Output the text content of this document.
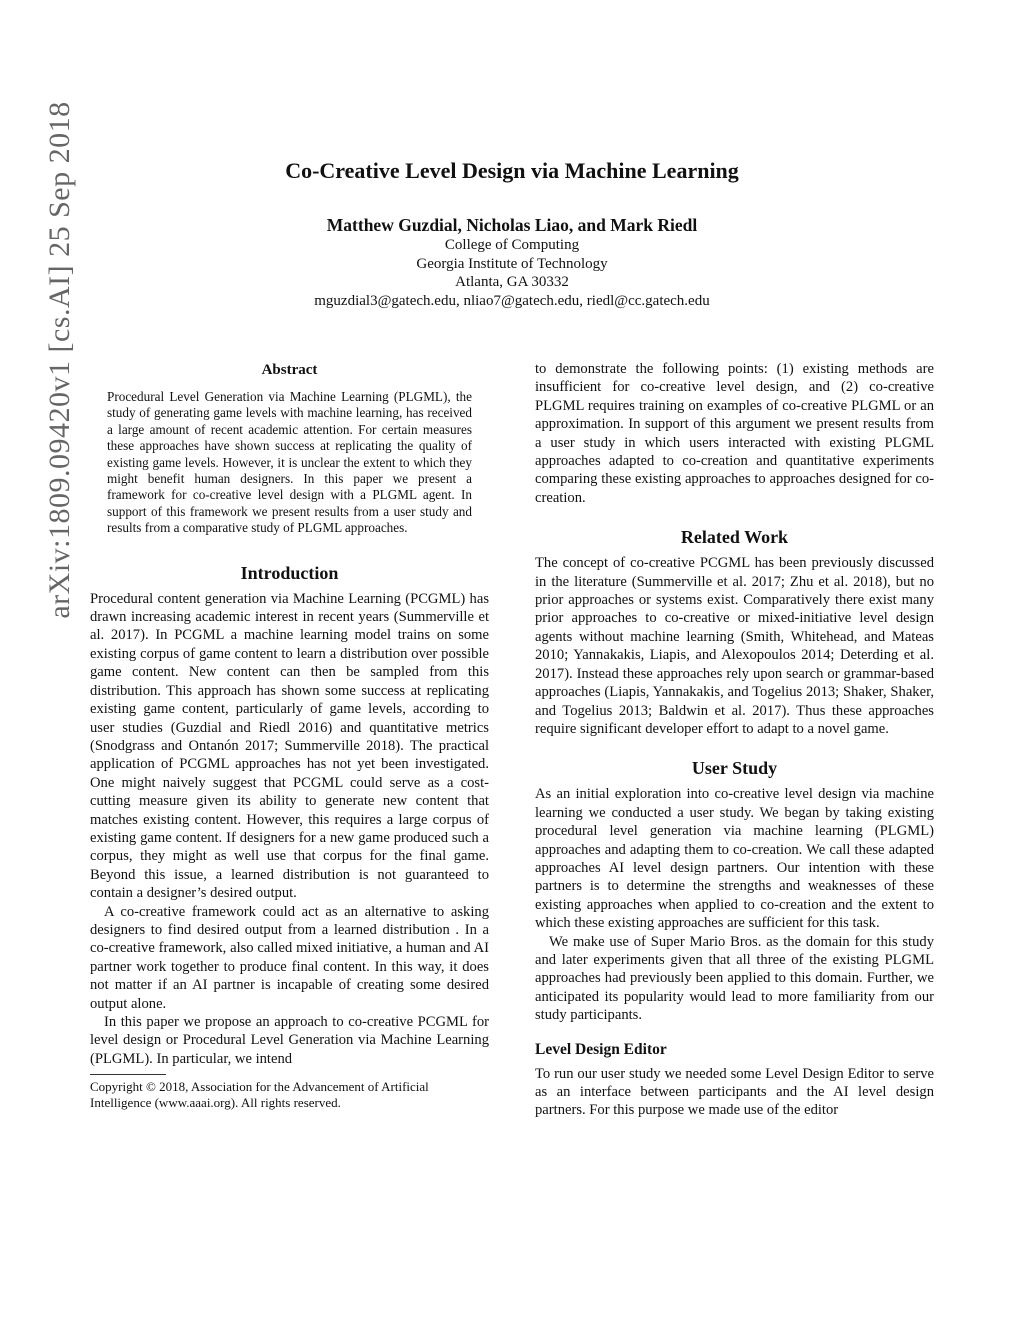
arXiv:1809.09420v1 [cs.AI] 25 Sep 2018	Co-Creative Level Design via Machine Learning
Matthew Guzdial, Nicholas Liao, and Mark Riedl
College of Computing
Georgia Institute of Technology
Atlanta, GA 30332
mguzdial3@gatech.edu, nliao7@gatech.edu, riedl@cc.gatech.edu
Abstract

Procedural Level Generation via Machine Learning (PLGML), the study of generating game levels with machine learning, has received a large amount of recent academic attention. For certain measures these approaches have shown success at replicating the quality of existing game levels. However, it is unclear the extent to which they might benefit human designers. In this paper we present a framework for co-creative level design with a PLGML agent. In support of this framework we present results from a user study and results from a comparative study of PLGML approaches.

Introduction

Procedural content generation via Machine Learning (PCGML) has drawn increasing academic interest in recent years (Summerville et al. 2017). In PCGML a machine learning model trains on some existing corpus of game content to learn a distribution over possible game content. New content can then be sampled from this distribution. This approach has shown some success at replicating existing game content, particularly of game levels, according to user studies (Guzdial and Riedl 2016) and quantitative metrics (Snodgrass and Ontanón 2017; Summerville 2018). The practical application of PCGML approaches has not yet been investigated. One might naively suggest that PCGML could serve as a cost-cutting measure given its ability to generate new content that matches existing content. However, this requires a large corpus of existing game content. If designers for a new game produced such a corpus, they might as well use that corpus for the final game. Beyond this issue, a learned distribution is not guaranteed to contain a designer’s desired output.

A co-creative framework could act as an alternative to asking designers to find desired output from a learned distribution . In a co-creative framework, also called mixed initiative, a human and AI partner work together to produce final content. In this way, it does not matter if an AI partner is incapable of creating some desired output alone.

In this paper we propose an approach to co-creative PCGML for level design or Procedural Level Generation via Machine Learning (PLGML). In particular, we intend

Copyright © 2018, Association for the Advancement of Artificial Intelligence (www.aaai.org). All rights reserved.

to demonstrate the following points: (1) existing methods are insufficient for co-creative level design, and (2) co-creative PLGML requires training on examples of co-creative PLGML or an approximation. In support of this argument we present results from a user study in which users interacted with existing PLGML approaches adapted to co-creation and quantitative experiments comparing these existing approaches to approaches designed for co-creation.

Related Work

The concept of co-creative PCGML has been previously discussed in the literature (Summerville et al. 2017; Zhu et al. 2018), but no prior approaches or systems exist. Comparatively there exist many prior approaches to co-creative or mixed-initiative level design agents without machine learning (Smith, Whitehead, and Mateas 2010; Yannakakis, Liapis, and Alexopoulos 2014; Deterding et al. 2017). Instead these approaches rely upon search or grammar-based approaches (Liapis, Yannakakis, and Togelius 2013; Shaker, Shaker, and Togelius 2013; Baldwin et al. 2017). Thus these approaches require significant developer effort to adapt to a novel game.

User Study

As an initial exploration into co-creative level design via machine learning we conducted a user study. We began by taking existing procedural level generation via machine learning (PLGML) approaches and adapting them to co-creation. We call these adapted approaches AI level design partners. Our intention with these partners is to determine the strengths and weaknesses of these existing approaches when applied to co-creation and the extent to which these existing approaches are sufficient for this task.

We make use of Super Mario Bros. as the domain for this study and later experiments given that all three of the existing PLGML approaches had previously been applied to this domain. Further, we anticipated its popularity would lead to more familiarity from our study participants.

Level Design Editor

To run our user study we needed some Level Design Editor to serve as an interface between participants and the AI level design partners. For this purpose we made use of the editor
